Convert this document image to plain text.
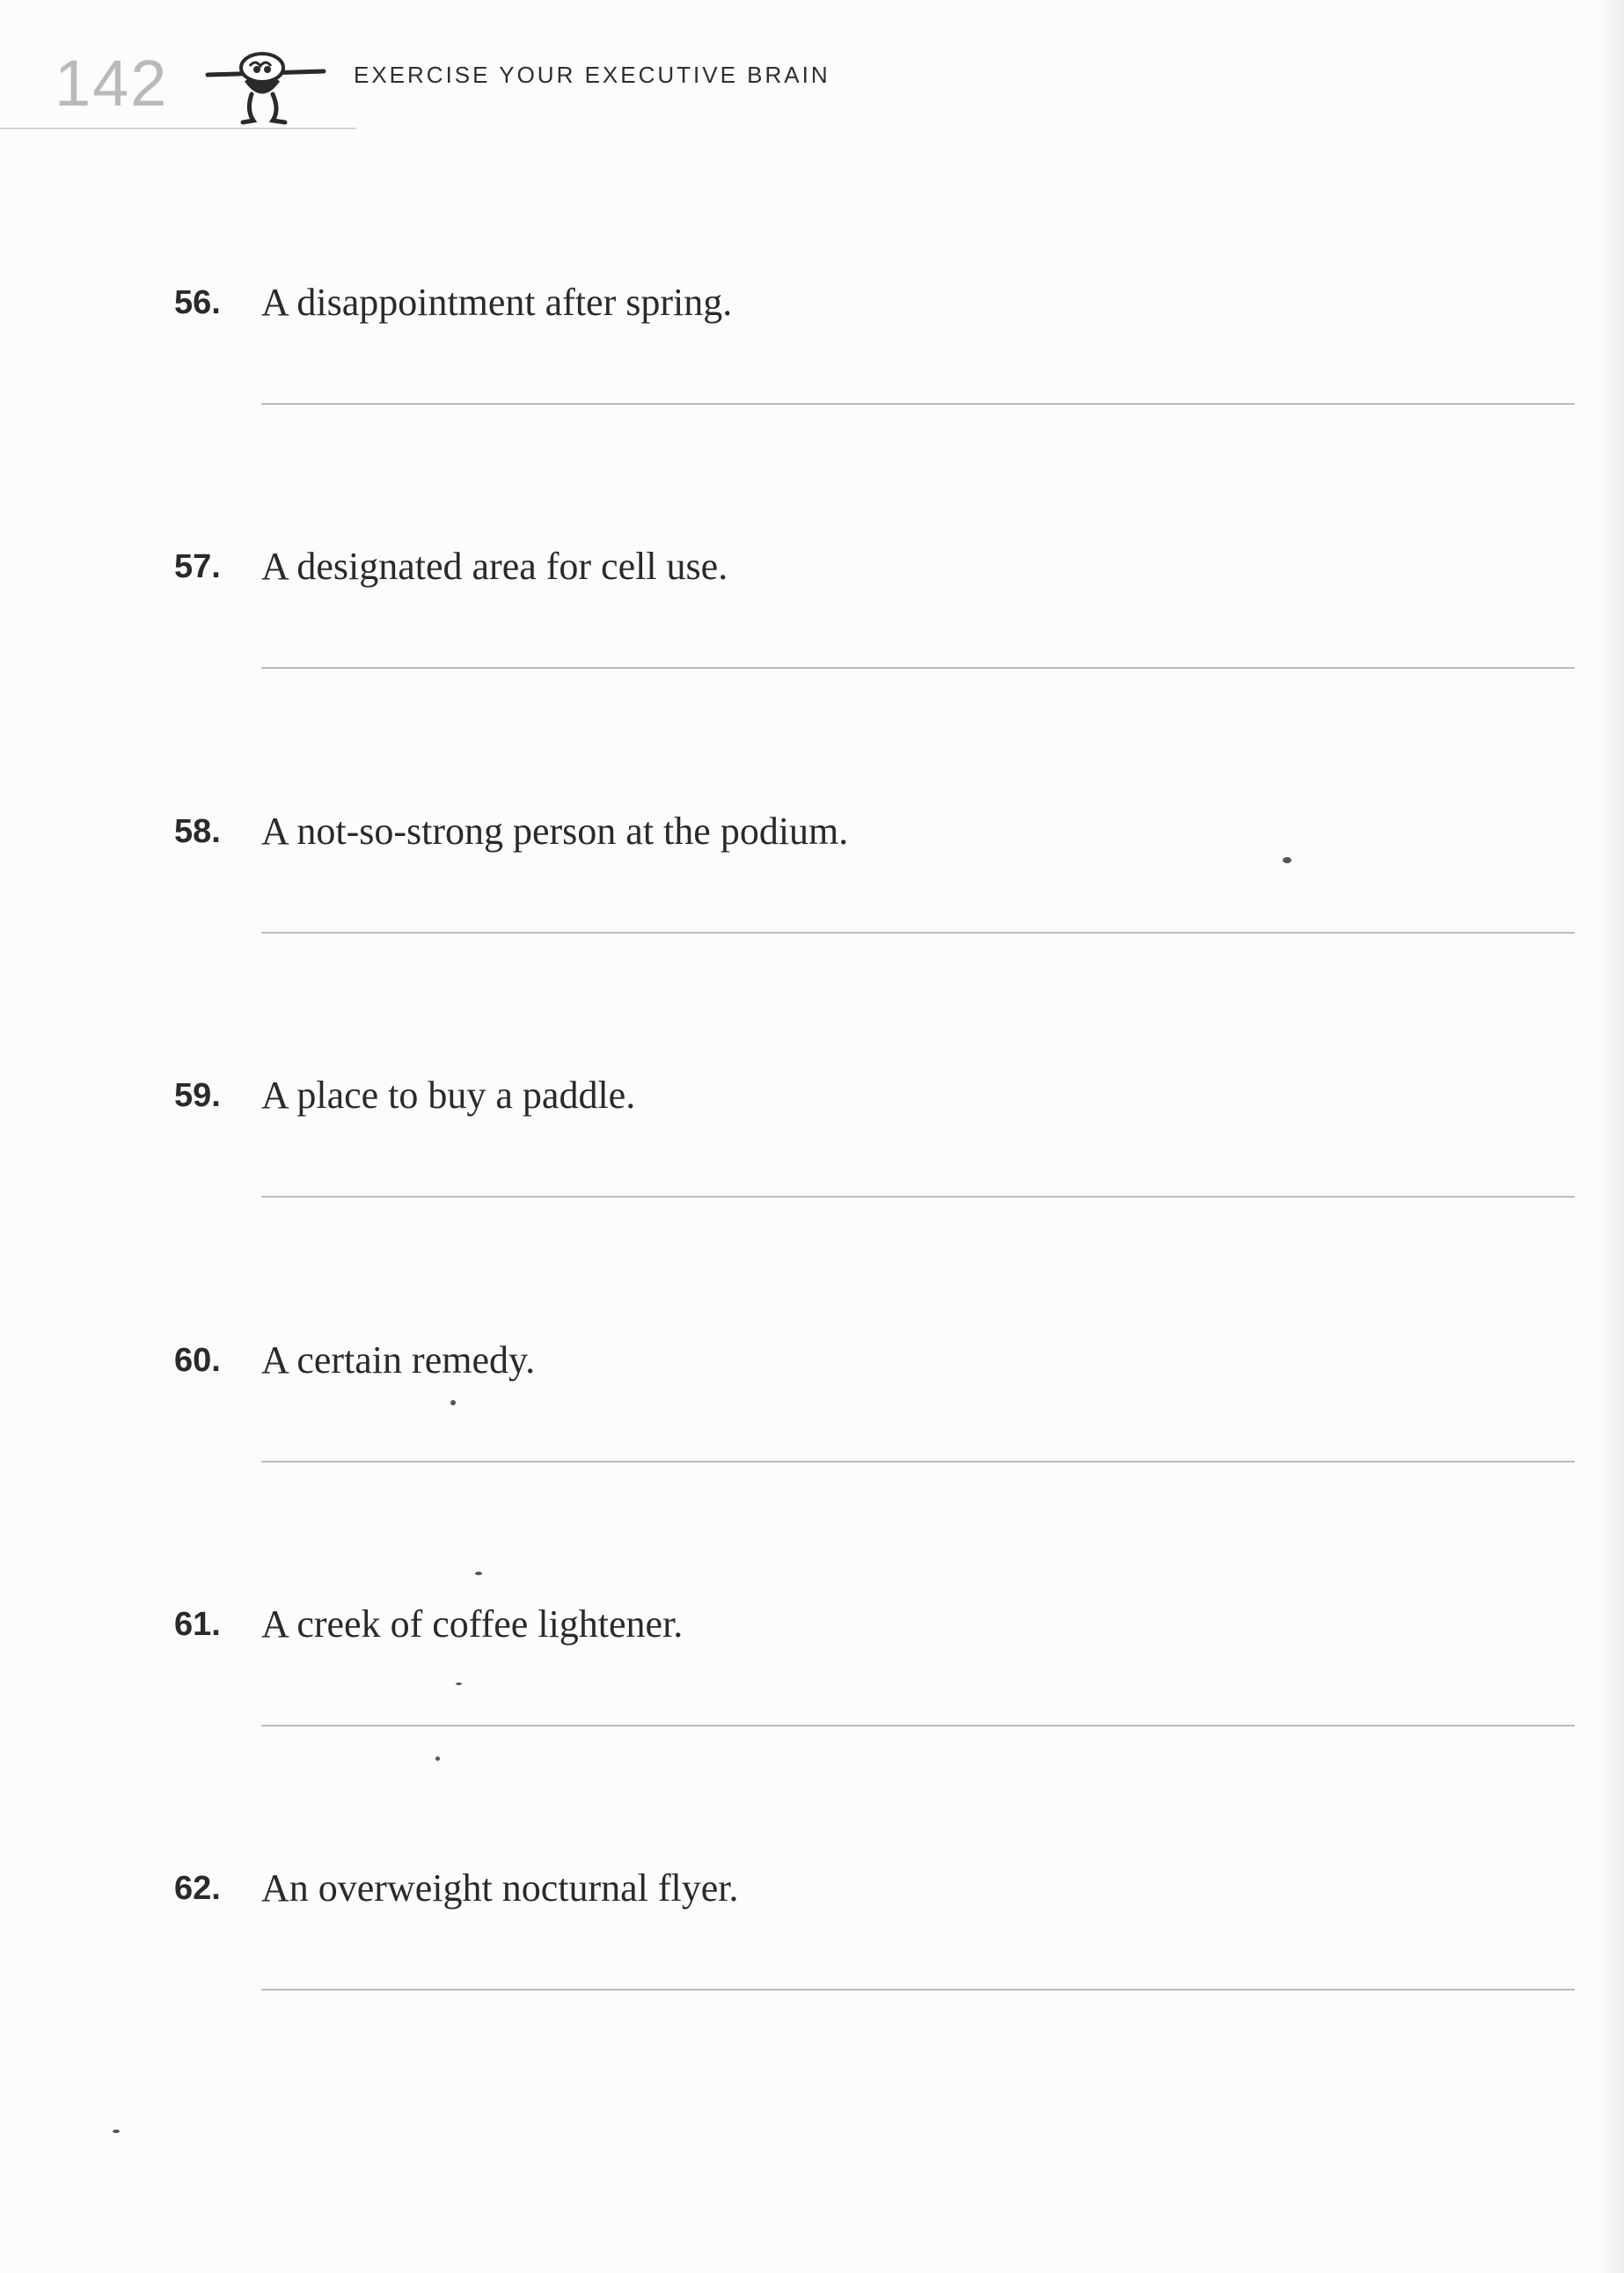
142	EXERCISE YOUR EXECUTIVE BRAIN
56. A disappointment after spring.
57. A designated area for cell use.
58. A not-so-strong person at the podium.
59. A place to buy a paddle.
60. A certain remedy.
61. A creek of coffee lightener.
62. An overweight nocturnal flyer.
